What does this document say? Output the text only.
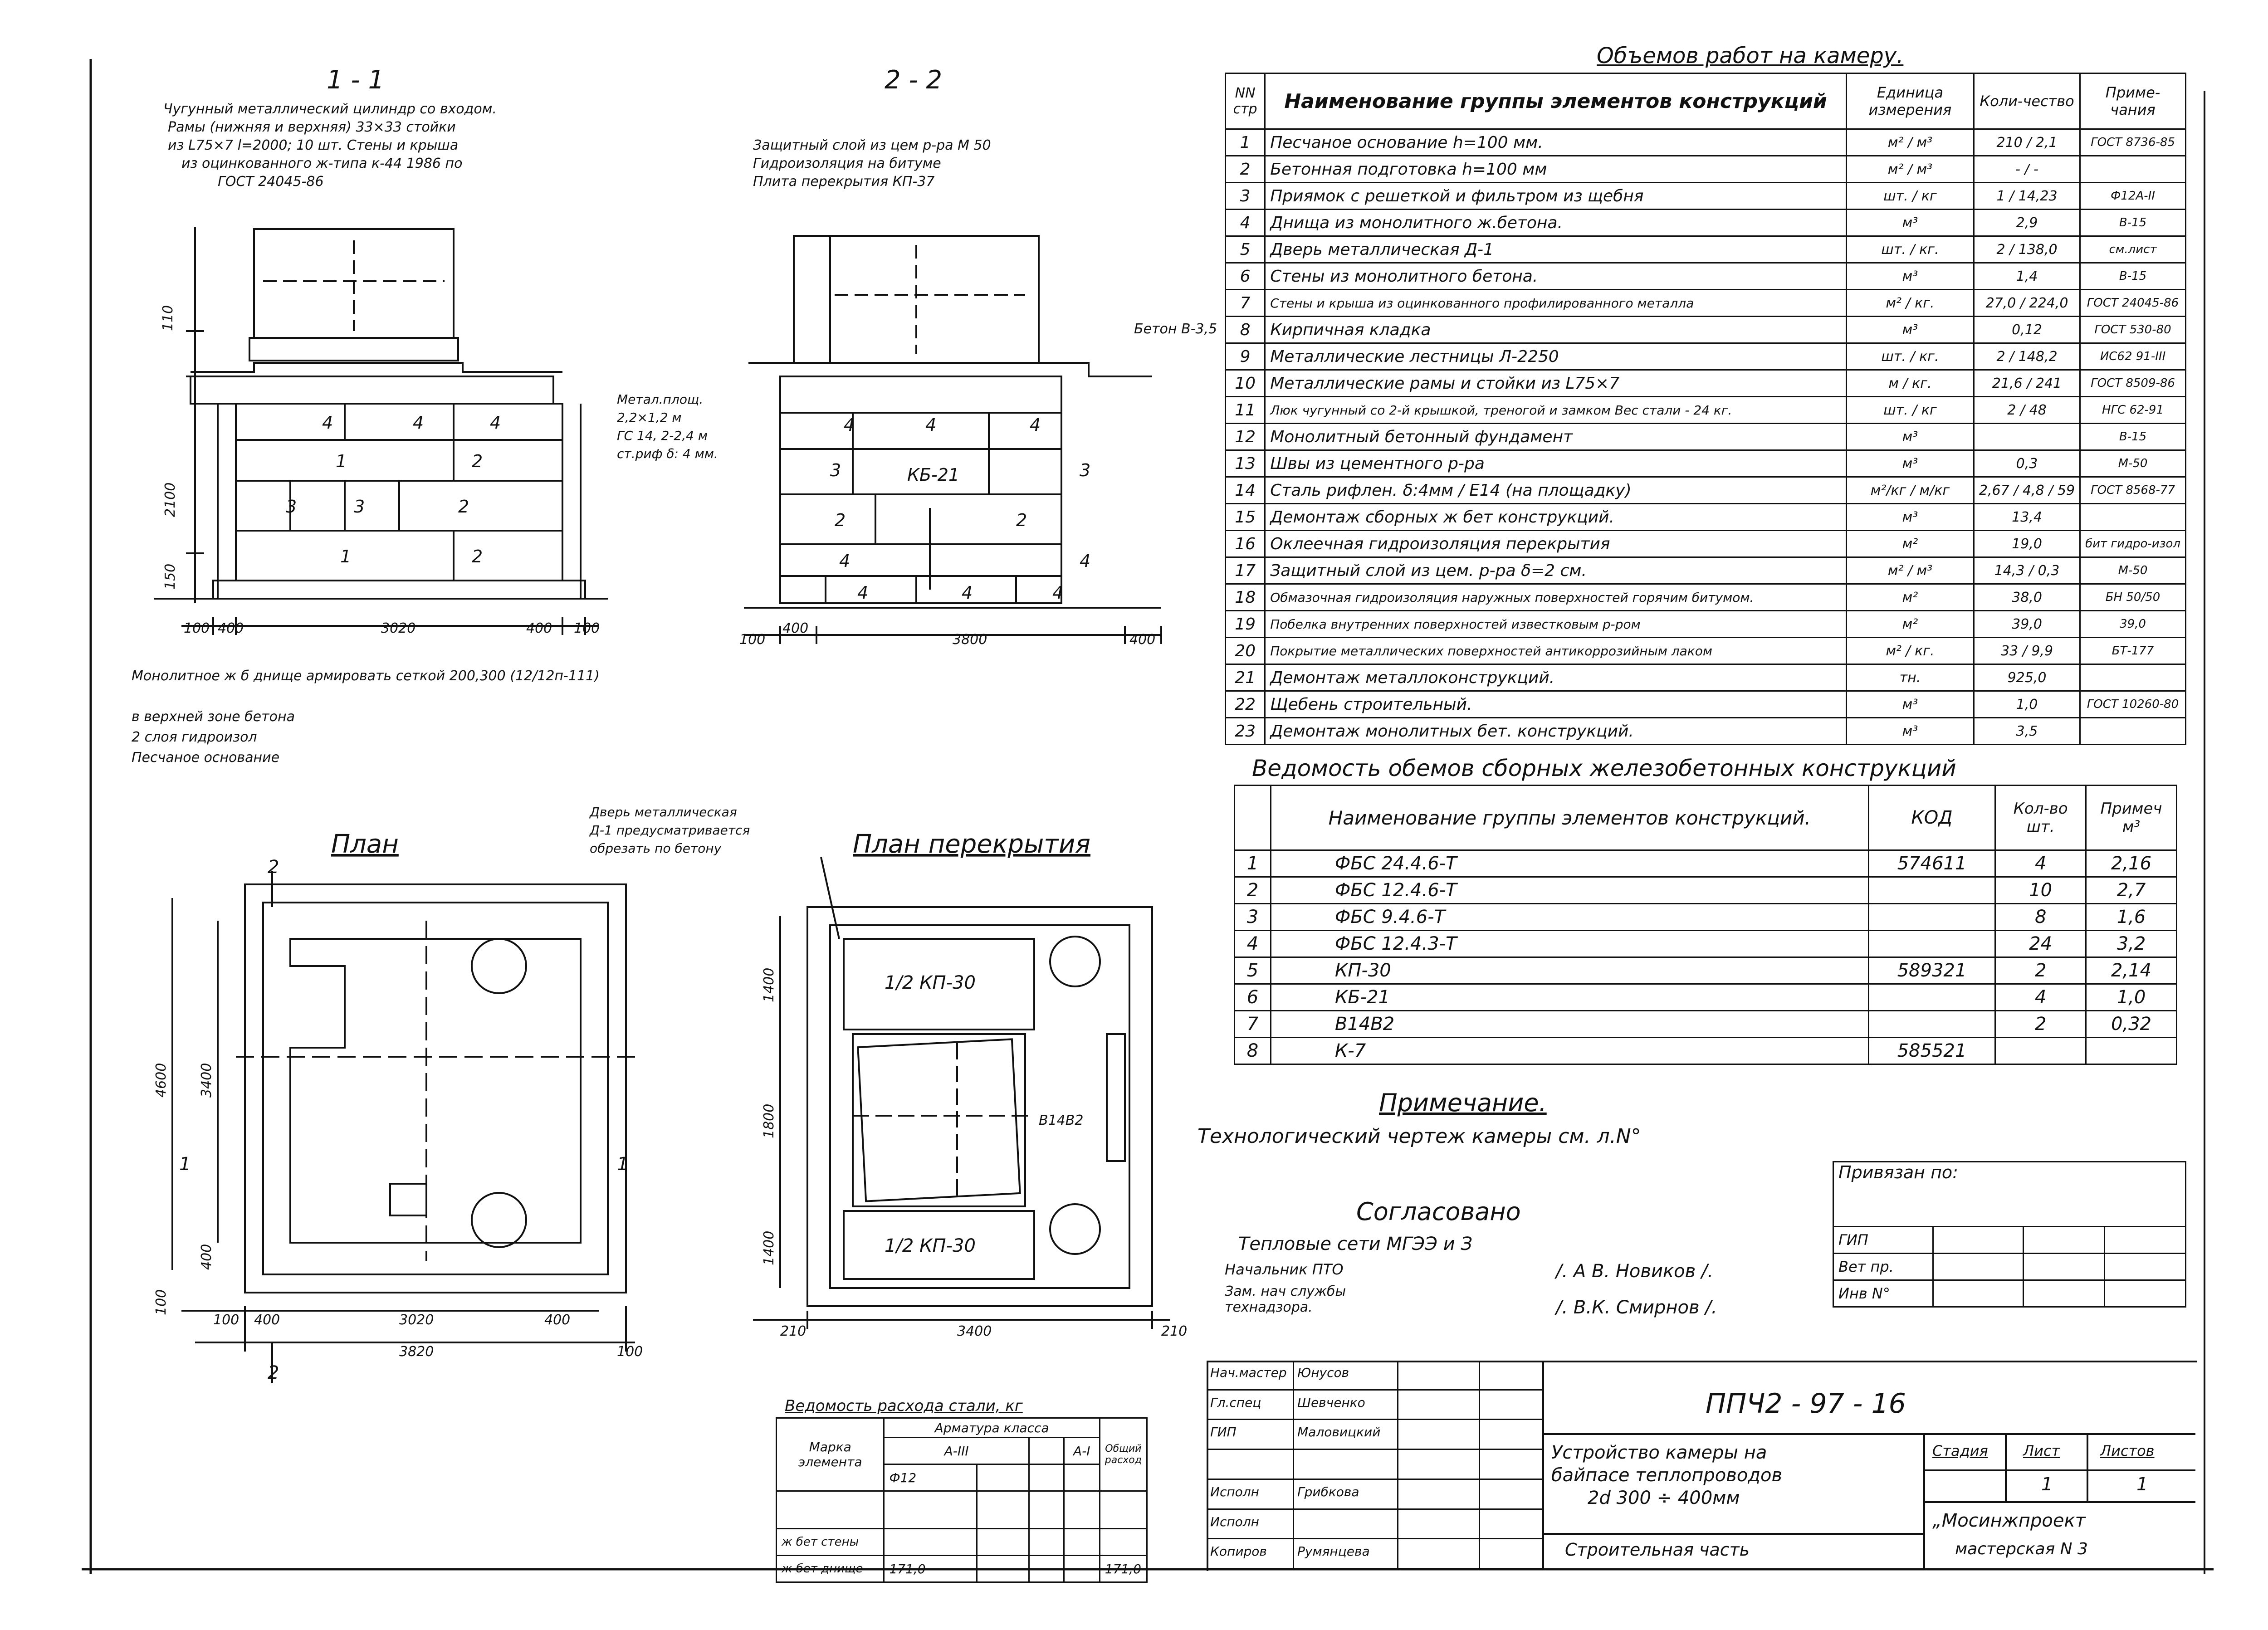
1 - 1
Чугунный металлический цилиндр со входом.
Рамы (нижняя и верхняя) 33×33 стойки
из L75×7 l=2000; 10 шт. Стены и крыша
из оцинкованного ж-типа к-44 1986 по
ГОСТ 24045-86
4	4	4
1	2
3	3	2
1	2
100 400	3020	400 100
110
2100
150
2 - 2
Защитный слой из цем р-ра М 50
Гидроизоляция на битуме
Плита перекрытия КП-37
Бетон В-3,5
Метал.площ.
2,2×1,2 м
ГС 14, 2-2,4 м
ст.риф δ: 4 мм.
4	4	4
3	3
2
4	4
4	4
2
4
КБ-21
100
400
3800	400
Монолитное ж б днище армировать сеткой 200,300 (12/12п-111)
в верхней зоне бетона
2 слоя гидроизол
Песчаное основание
План
100 400	3020	400
3820	100
4600 3400
400
100
2
1	1
2
План перекрытия
Дверь металлическая
Д-1 предусматривается
обрезать по бетону
1/2 КП-30
1/2 КП-30
В14В2
210	3400	210
1400
1800
1400
Объемов работ на камеру.
NN стр	Наименование группы элементов конструкций	Единица измерения	Коли-чество	Приме-чания
1	Песчаное основание h=100 мм.	м² / м³	210 / 2,1	ГОСТ 8736-85
2	Бетонная подготовка h=100 мм	м² / м³	- / -	
3	Приямок с решеткой и фильтром из щебня	шт. / кг	1 / 14,23	Ф12А-II
4	Днища из монолитного ж.бетона.	м³	2,9	В-15
5	Дверь металлическая Д-1	шт. / кг.	2 / 138,0	см.лист
6	Стены из монолитного бетона.	м³	1,4	В-15
7	Стены и крыша из оцинкованного профилированного металла	м² / кг.	27,0 / 224,0	ГОСТ 24045-86
8	Кирпичная кладка	м³	0,12	ГОСТ 530-80
9	Металлические лестницы Л-2250	шт. / кг.	2 / 148,2	ИС62 91-III
10	Металлические рамы и стойки из L75×7	м / кг.	21,6 / 241	ГОСТ 8509-86
11	Люк чугунный со 2-й крышкой, треногой и замком Вес стали - 24 кг.	шт. / кг	2 / 48	НГС 62-91
12	Монолитный бетонный фундамент	м³		В-15
13	Швы из цементного р-ра	м³	0,3	М-50
14	Сталь рифлен. δ:4мм / Е14 (на площадку)	м²/кг / м/кг	2,67 / 4,8 / 59	ГОСТ 8568-77
15	Демонтаж сборных ж бет конструкций.	м³	13,4	
16	Оклеечная гидроизоляция перекрытия	м²	19,0	бит гидро-изол
17	Защитный слой из цем. р-ра δ=2 см.	м² / м³	14,3 / 0,3	М-50
18	Обмазочная гидроизоляция наружных поверхностей горячим битумом.	м²	38,0	БН 50/50
19	Побелка внутренних поверхностей известковым р-ром	м²	39,0	39,0
20	Покрытие металлических поверхностей антикоррозийным лаком	м² / кг.	33 / 9,9	БТ-177
21	Демонтаж металлоконструкций.	тн.	925,0	
22	Щебень строительный.	м³	1,0	ГОСТ 10260-80
23	Демонтаж монолитных бет. конструкций.	м³	3,5	
Ведомость обемов сборных железобетонных конструкций
	Наименование группы элементов конструкций.	КОД	Кол-во шт.	Примеч м³
1	ФБС 24.4.6-Т	574611	4	2,16
2	ФБС 12.4.6-Т		10	2,7
3	ФБС 9.4.6-Т		8	1,6
4	ФБС 12.4.3-Т		24	3,2
5	КП-30	589321	2	2,14
6	КБ-21		4	1,0
7	В14В2		2	0,32
8	К-7	585521		
Примечание.
Технологический чертеж камеры см. л.N°
Согласовано
Тепловые сети МГЭЭ и З
Начальник ПТО	/. А В. Новиков /.
Зам. нач службы технадзора.	/. В.К. Смирнов /.
Привязан по:			
ГИП			
Вет пр.			
Инв N°			
Ведомость расхода стали, кг
Марка элемента	Арматура класса				Общий расход
	А-III			А-I	
	Ф12				

ж бет стены					
ж бет днище	171,0				171,0
Нач.мастер Юнусов
Гл.спец	Шевченко
ГИП	Маловицкий
Исполн	Грибкова
Исполн
Копиров Румянцева
ППЧ2 - 97 - 16
Устройство камеры на
байпасе теплопроводов
2d 300 ÷ 400мм
Строительная часть
Стадия Лист	Листов
1	1
„Мосинжпроект
мастерская N 3
